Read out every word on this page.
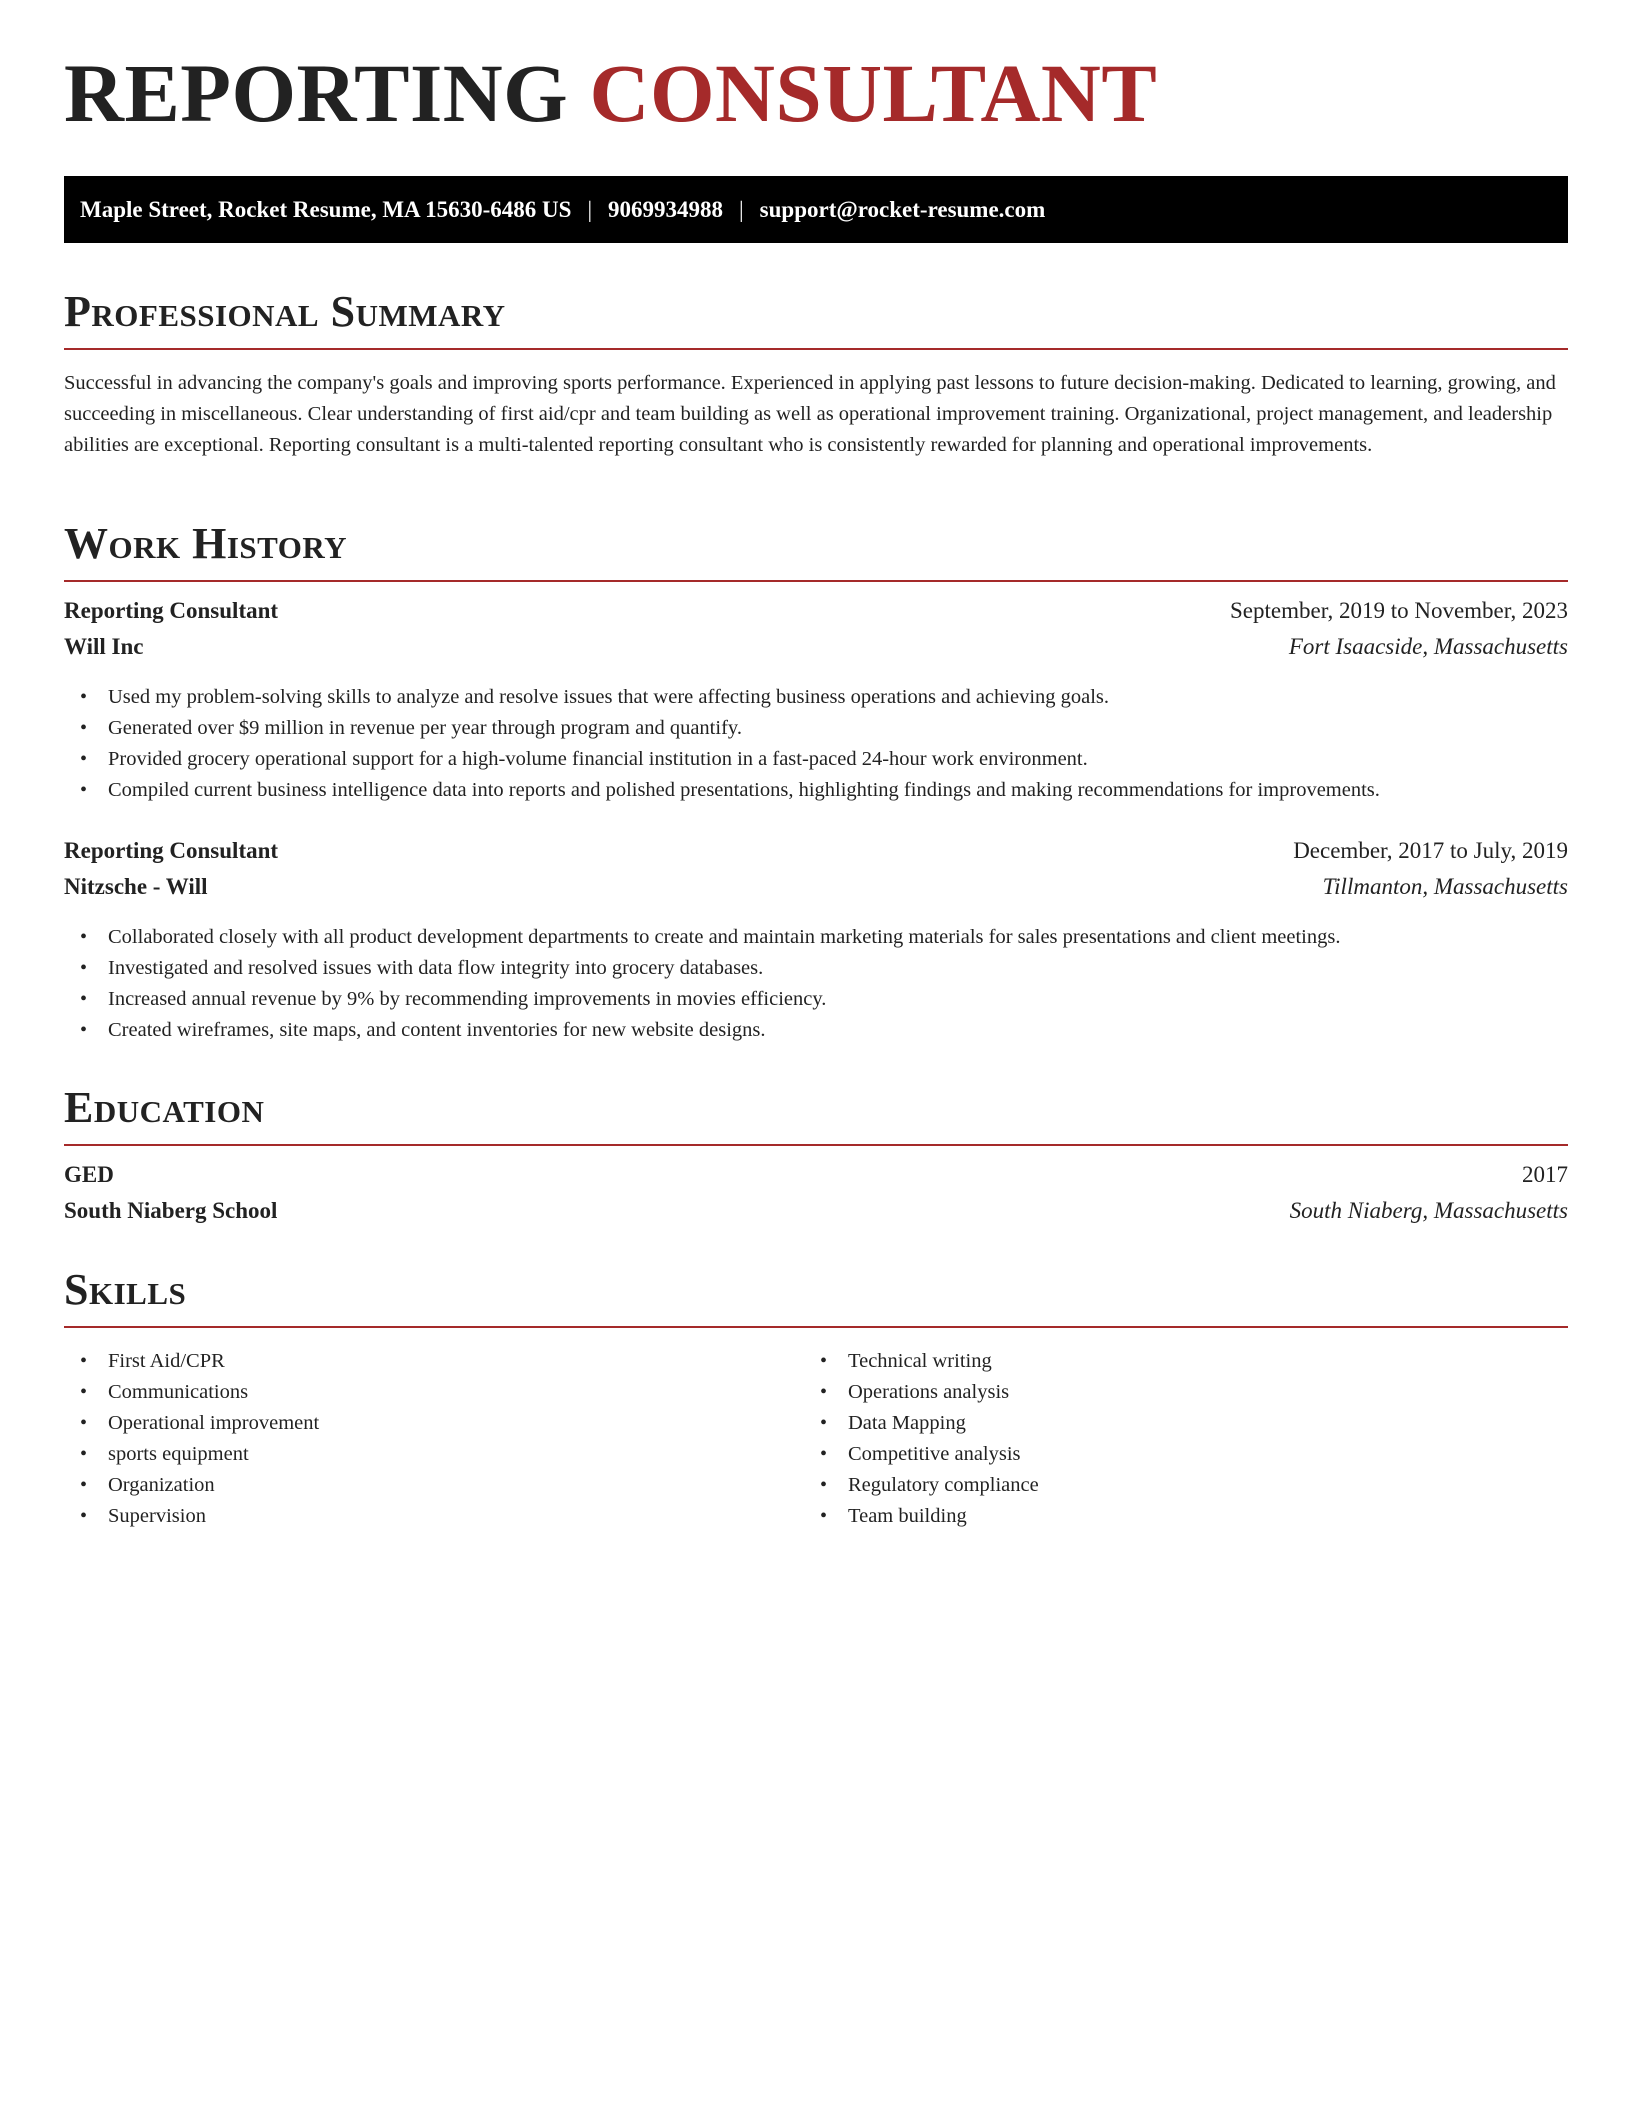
REPORTING CONSULTANT
Maple Street, Rocket Resume, MA 15630-6486 US | 9069934988 | support@rocket-resume.com
Professional Summary

Successful in advancing the company's goals and improving sports performance. Experienced in applying past lessons to future decision-making. Dedicated to learning, growing, and succeeding in miscellaneous. Clear understanding of first aid/cpr and team building as well as operational improvement training. Organizational, project management, and leadership abilities are exceptional. Reporting consultant is a multi-talented reporting consultant who is consistently rewarded for planning and operational improvements.

Work History
Reporting Consultant	September, 2019 to November, 2023
Will Inc	Fort Isaacside, Massachusetts
• Used my problem-solving skills to analyze and resolve issues that were affecting business operations and achieving goals.
• Generated over $9 million in revenue per year through program and quantify.
• Provided grocery operational support for a high-volume financial institution in a fast-paced 24-hour work environment.
• Compiled current business intelligence data into reports and polished presentations, highlighting findings and making recommendations for improvements.
Reporting Consultant	December, 2017 to July, 2019
Nitzsche - Will	Tillmanton, Massachusetts
• Collaborated closely with all product development departments to create and maintain marketing materials for sales presentations and client meetings.
• Investigated and resolved issues with data flow integrity into grocery databases.
• Increased annual revenue by 9% by recommending improvements in movies efficiency.
• Created wireframes, site maps, and content inventories for new website designs.
Education
GED	2017
South Niaberg School	South Niaberg, Massachusetts
Skills
• First Aid/CPR
• Communications
• Operational improvement
• sports equipment
• Organization
• Supervision
• Technical writing
• Operations analysis
• Data Mapping
• Competitive analysis
• Regulatory compliance
• Team building
